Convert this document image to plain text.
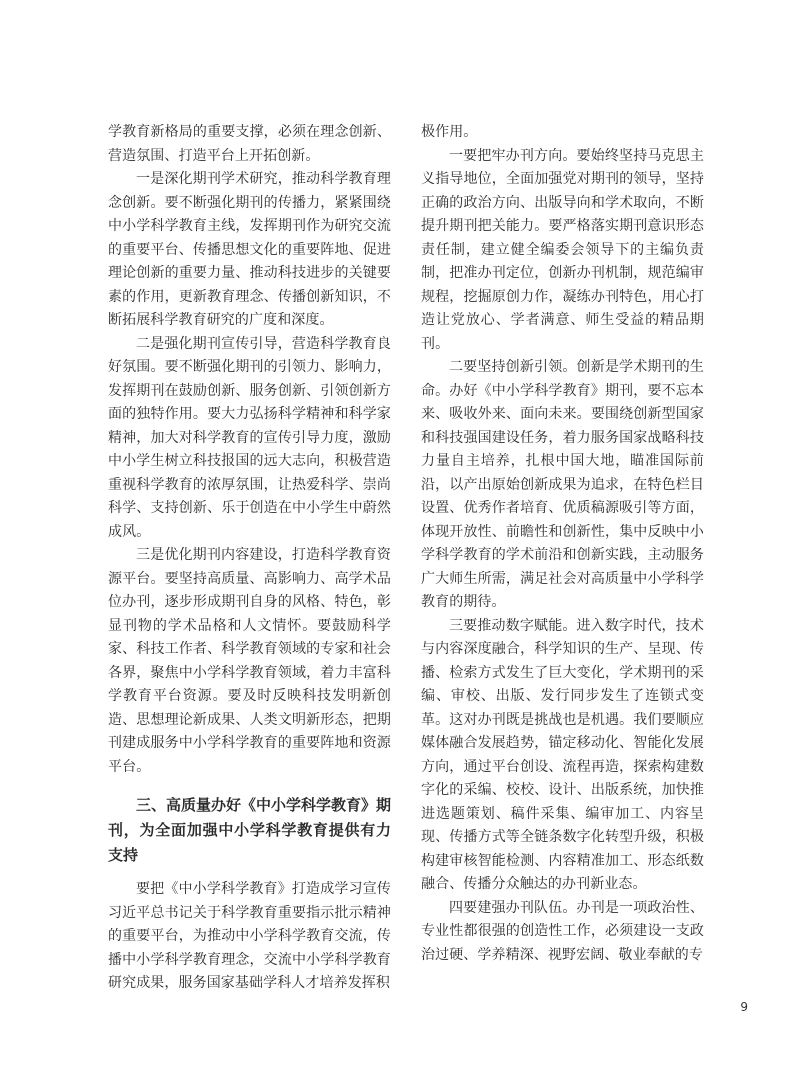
学教育新格局的重要支撑，必须在理念创新、营造氛围、打造平台上开拓创新。

一是深化期刊学术研究，推动科学教育理念创新。要不断强化期刊的传播力，紧紧围绕中小学科学教育主线，发挥期刊作为研究交流的重要平台、传播思想文化的重要阵地、促进理论创新的重要力量、推动科技进步的关键要素的作用，更新教育理念、传播创新知识，不断拓展科学教育研究的广度和深度。

二是强化期刊宣传引导，营造科学教育良好氛围。要不断强化期刊的引领力、影响力，发挥期刊在鼓励创新、服务创新、引领创新方面的独特作用。要大力弘扬科学精神和科学家精神，加大对科学教育的宣传引导力度，激励中小学生树立科技报国的远大志向，积极营造重视科学教育的浓厚氛围，让热爱科学、崇尚科学、支持创新、乐于创造在中小学生中蔚然成风。

三是优化期刊内容建设，打造科学教育资源平台。要坚持高质量、高影响力、高学术品位办刊，逐步形成期刊自身的风格、特色，彰显刊物的学术品格和人文情怀。要鼓励科学家、科技工作者、科学教育领域的专家和社会各界，聚焦中小学科学教育领域，着力丰富科学教育平台资源。要及时反映科技发明新创造、思想理论新成果、人类文明新形态，把期刊建成服务中小学科学教育的重要阵地和资源平台。

三、高质量办好《中小学科学教育》期刊，为全面加强中小学科学教育提供有力支持

要把《中小学科学教育》打造成学习宣传习近平总书记关于科学教育重要指示批示精神的重要平台，为推动中小学科学教育交流，传播中小学科学教育理念，交流中小学科学教育研究成果，服务国家基础学科人才培养发挥积

极作用。

一要把牢办刊方向。要始终坚持马克思主义指导地位，全面加强党对期刊的领导，坚持正确的政治方向、出版导向和学术取向，不断提升期刊把关能力。要严格落实期刊意识形态责任制，建立健全编委会领导下的主编负责制，把准办刊定位，创新办刊机制，规范编审规程，挖掘原创力作，凝练办刊特色，用心打造让党放心、学者满意、师生受益的精品期刊。

二要坚持创新引领。创新是学术期刊的生命。办好《中小学科学教育》期刊，要不忘本来、吸收外来、面向未来。要围绕创新型国家和科技强国建设任务，着力服务国家战略科技力量自主培养，扎根中国大地，瞄准国际前沿，以产出原始创新成果为追求，在特色栏目设置、优秀作者培育、优质稿源吸引等方面，体现开放性、前瞻性和创新性，集中反映中小学科学教育的学术前沿和创新实践，主动服务广大师生所需，满足社会对高质量中小学科学教育的期待。

三要推动数字赋能。进入数字时代，技术与内容深度融合，科学知识的生产、呈现、传播、检索方式发生了巨大变化，学术期刊的采编、审校、出版、发行同步发生了连锁式变革。这对办刊既是挑战也是机遇。我们要顺应媒体融合发展趋势，锚定移动化、智能化发展方向，通过平台创设、流程再造，探索构建数字化的采编、校校、设计、出版系统，加快推进选题策划、稿件采集、编审加工、内容呈现、传播方式等全链条数字化转型升级，积极构建审核智能检测、内容精准加工、形态纸数融合、传播分众触达的办刊新业态。

四要建强办刊队伍。办刊是一项政治性、专业性都很强的创造性工作，必须建设一支政治过硬、学养精深、视野宏阔、敬业奉献的专

9
